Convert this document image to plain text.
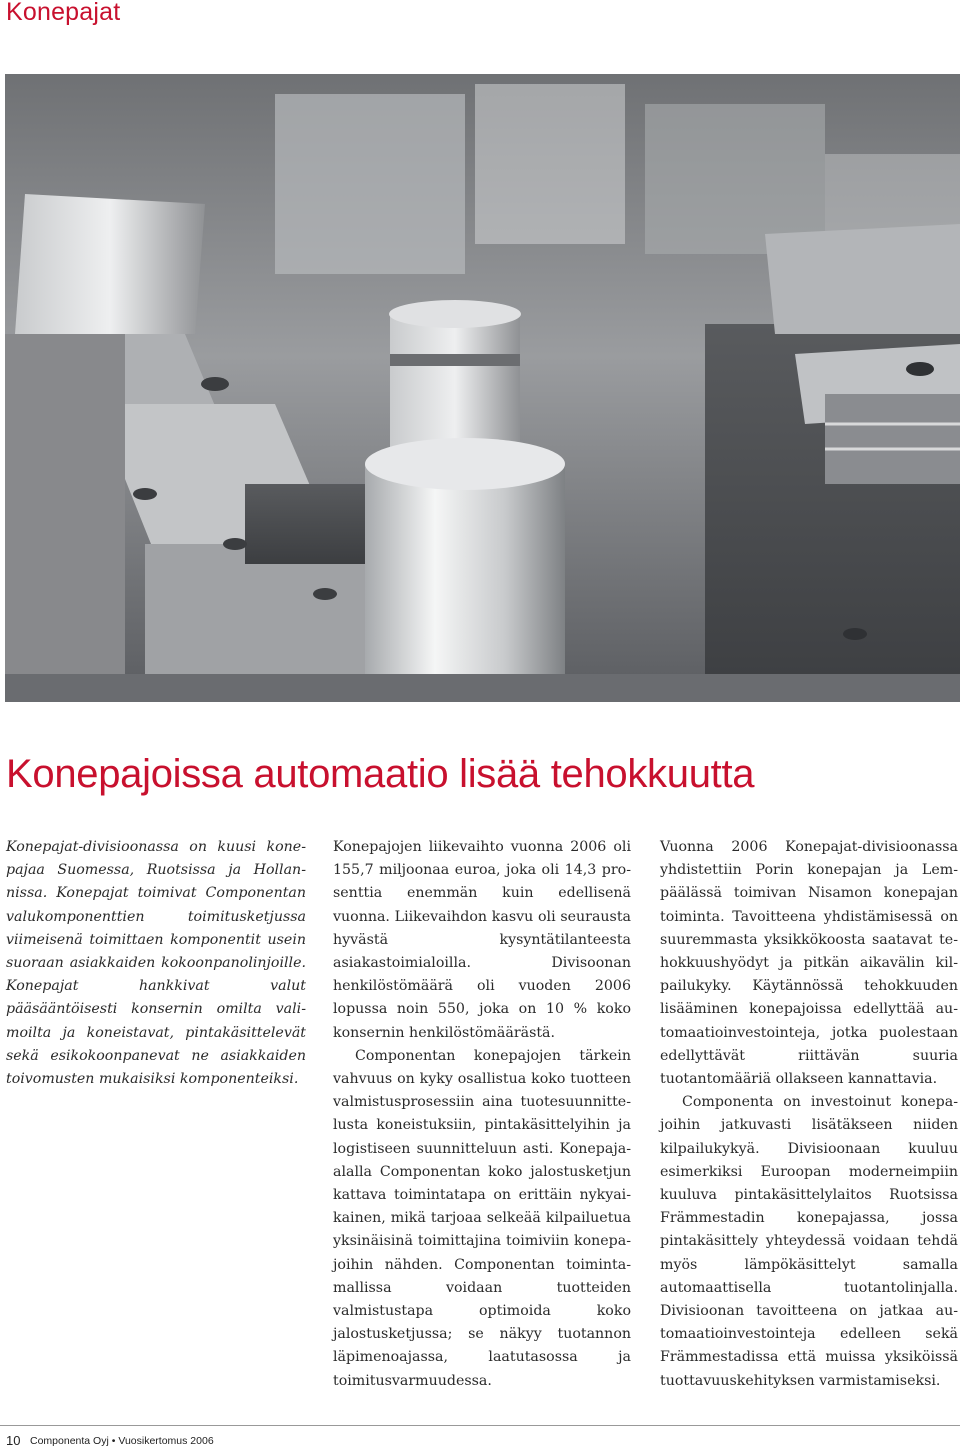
Konepajat
Konepajoissa automaatio lisää tehokkuutta

Konepajat-divisioonassa on kuusi konepajaa Suomessa, Ruotsissa ja Hollannissa. Konepajat toimivat Componentan valukomponenttien toimitusketjussa viimeisenä toimittaen komponentit usein suoraan asiakkaiden kokoonpanolinjoille. Konepajat hankkivat valut pääsääntöisesti konsernin omilta valimoilta ja koneistavat, pintakäsittelevät sekä esikokoonpanevat ne asiakkaiden toivomusten mukaisiksi komponenteiksi.

Konepajojen liikevaihto vuonna 2006 oli 155,7 miljoonaa euroa, joka oli 14,3 prosenttia enemmän kuin edellisenä vuonna. Liikevaihdon kasvu oli seurausta hyvästä kysyntätilanteesta asiakastoimialoilla. Divisoonan henkilöstömäärä oli vuoden 2006 lopussa noin 550, joka on 10 % koko konsernin henkilöstömäärästä.

Componentan konepajojen tärkein vahvuus on kyky osallistua koko tuotteen valmistusprosessiin aina tuotesuunnittelusta koneistuksiin, pintakäsittelyihin ja logistiseen suunnitteluun asti. Konepajaalalla Componentan koko jalostusketjun kattava toimintatapa on erittäin nykyaikainen, mikä tarjoaa selkeää kilpailuetua yksinäisinä toimittajina toimiviin konepajoihin nähden. Componentan toimintamallissa voidaan tuotteiden valmistustapa optimoida koko jalostusketjussa; se näkyy tuotannon läpimenoajassa, laatutasossa ja toimitusvarmuudessa.

Vuonna 2006 Konepajat-divisioonassa yhdistettiin Porin konepajan ja Lempäälässä toimivan Nisamon konepajan toiminta. Tavoitteena yhdistämisessä on suuremmasta yksikkökoosta saatavat tehokkuushyödyt ja pitkän aikavälin kilpailukyky. Käytännössä tehokkuuden lisääminen konepajoissa edellyttää automaatioinvestointeja, jotka puolestaan edellyttävät riittävän suuria tuotantomääriä ollakseen kannattavia.

Componenta on investoinut konepajoihin jatkuvasti lisätäkseen niiden kilpailukykyä. Divisioonaan kuuluu esimerkiksi Euroopan moderneimpiin kuuluva pintakäsittelylaitos Ruotsissa Främmestadin konepajassa, jossa pintakäsittely yhteydessä voidaan tehdä myös lämpökäsittelyt samalla automaattisella tuotantolinjalla. Divisioonan tavoitteena on jatkaa automaatioinvestointeja edelleen sekä Främmestadissa että muissa yksiköissä tuottavuuskehityksen varmistamiseksi.

10 Componenta Oyj • Vuosikertomus 2006
